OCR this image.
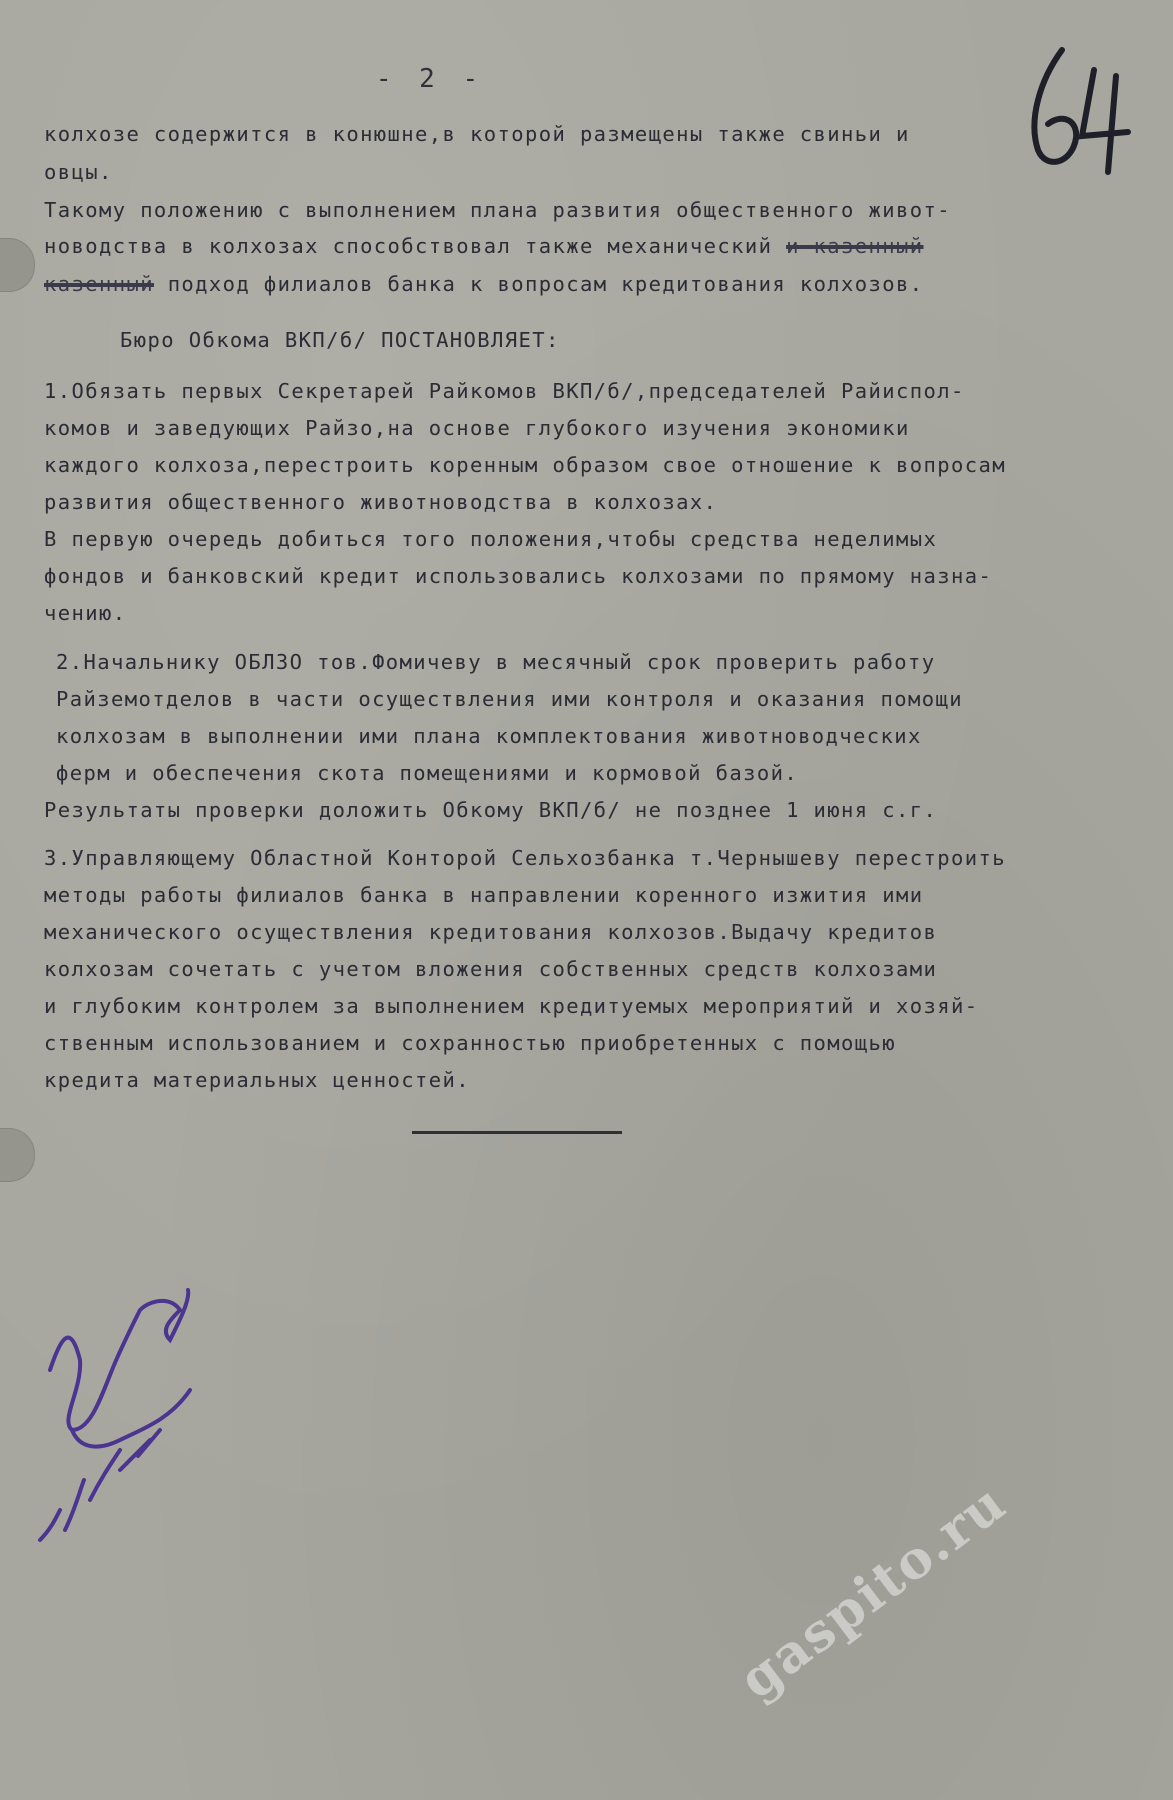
- 2 -
колхозе содержится в конюшне,в которой размещены также свиньи и
овцы.
Такому положению с выполнением плана развития общественного живот-
новодства в колхозах способствовал также механический и казенный
казенный подход филиалов банка к вопросам кредитования колхозов.
Бюро Обкома ВКП/б/ ПОСТАНОВЛЯЕТ:
1.Обязать первых Секретарей Райкомов ВКП/б/,председателей Райиспол-
комов и заведующих Райзо,на основе глубокого изучения экономики
каждого колхоза,перестроить коренным образом свое отношение к вопросам
развития общественного животноводства в колхозах.
В первую очередь добиться того положения,чтобы средства неделимых
фондов и банковский кредит использовались колхозами по прямому назна-
чению.
2.Начальнику ОБЛЗО тов.Фомичеву в месячный срок проверить работу
Райземотделов в части осуществления ими контроля и оказания помощи
колхозам в выполнении ими плана комплектования животноводческих
ферм и обеспечения скота помещениями и кормовой базой.
Результаты проверки доложить Обкому ВКП/б/ не позднее 1 июня с.г.
3.Управляющему Областной Конторой Сельхозбанка т.Чернышеву перестроить
методы работы филиалов банка в направлении коренного изжития ими
механического осуществления кредитования колхозов.Выдачу кредитов
колхозам сочетать с учетом вложения собственных средств колхозами
и глубоким контролем за выполнением кредитуемых мероприятий и хозяй-
ственным использованием и сохранностью приобретенных с помощью
кредита материальных ценностей.
gaspito.ru
